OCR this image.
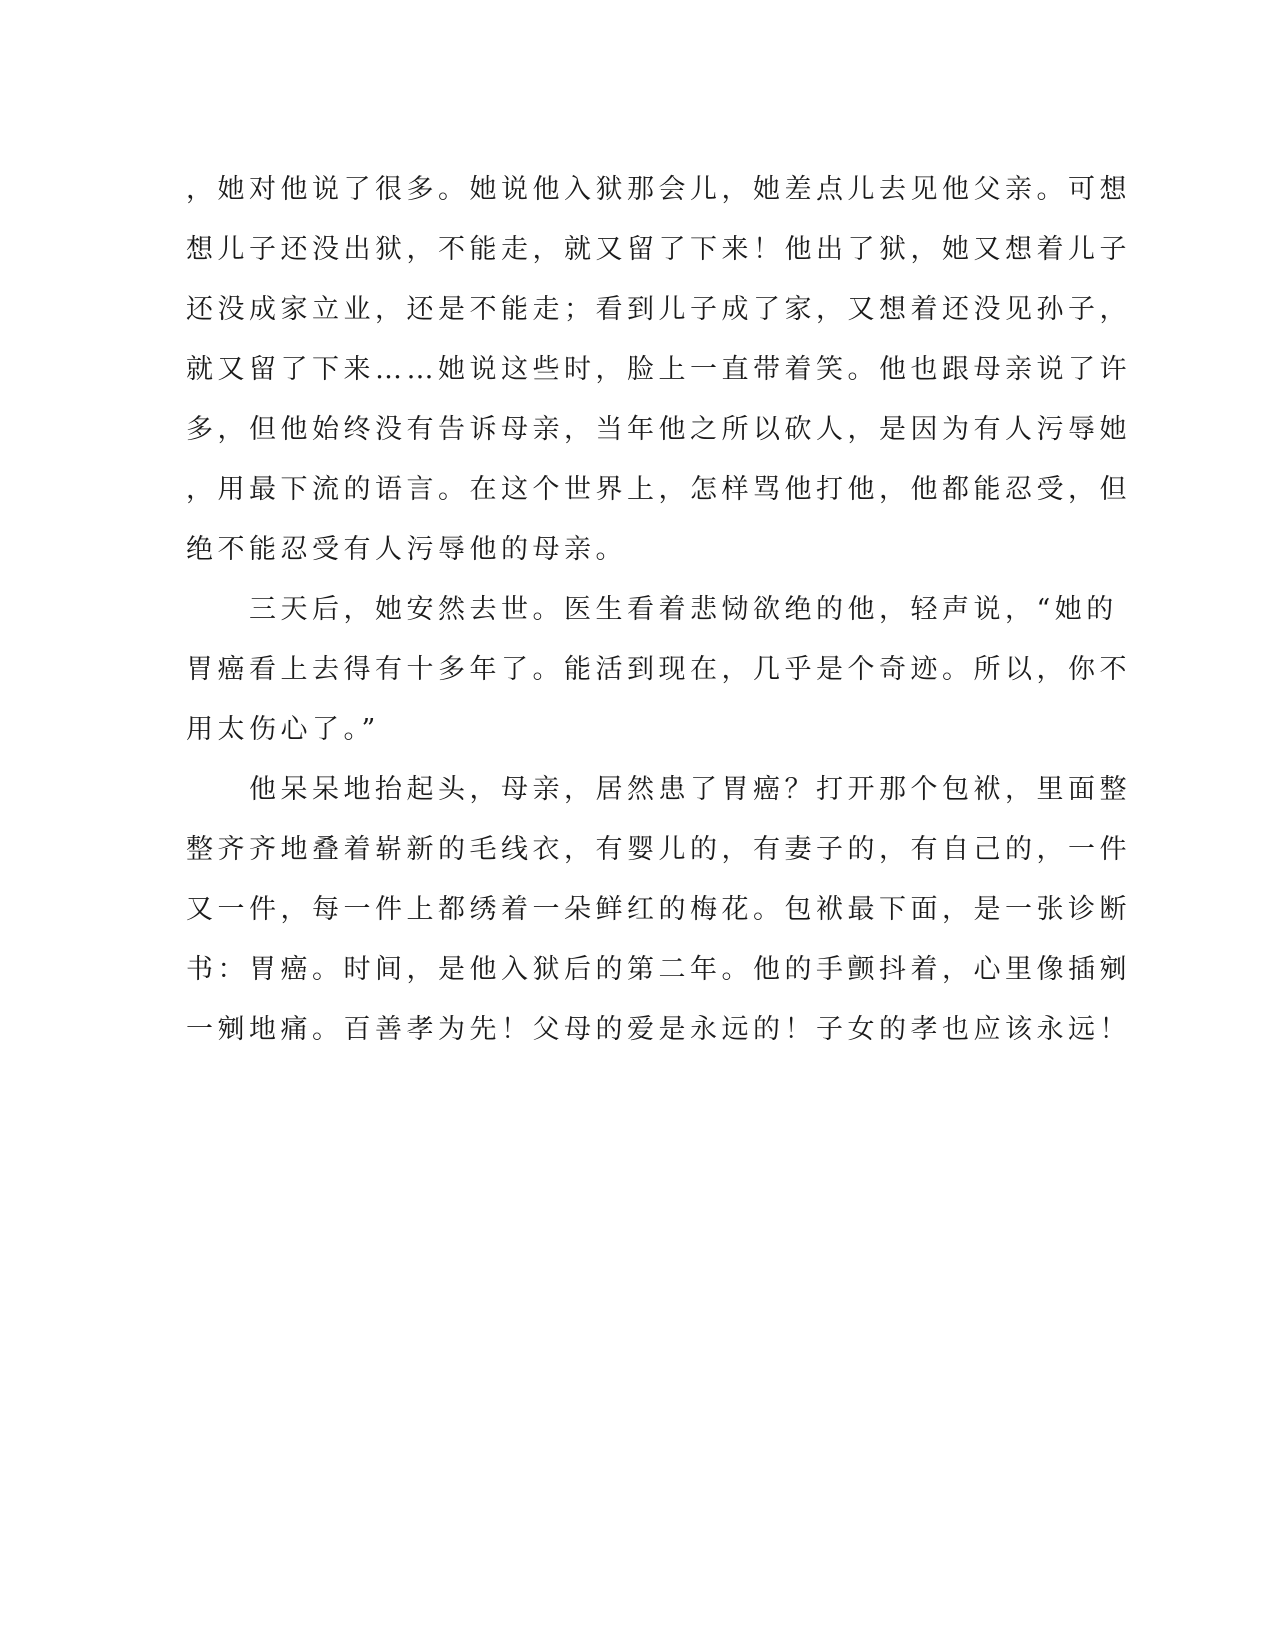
，她对他说了很多。她说他入狱那会儿，她差点儿去见他父亲。可想
想儿子还没出狱，不能走，就又留了下来！他出了狱，她又想着儿子
还没成家立业，还是不能走；看到儿子成了家，又想着还没见孙子，
就又留了下来……她说这些时，脸上一直带着笑。他也跟母亲说了许
多，但他始终没有告诉母亲，当年他之所以砍人，是因为有人污辱她
，用最下流的语言。在这个世界上，怎样骂他打他，他都能忍受，但
绝不能忍受有人污辱他的母亲。
　　三天后，她安然去世。医生看着悲恸欲绝的他，轻声说，“她的
胃癌看上去得有十多年了。能活到现在，几乎是个奇迹。所以，你不
用太伤心了。”
　　他呆呆地抬起头，母亲，居然患了胃癌？打开那个包袱，里面整
整齐齐地叠着崭新的毛线衣，有婴儿的，有妻子的，有自己的，一件
又一件，每一件上都绣着一朵鲜红的梅花。包袱最下面，是一张诊断
书：胃癌。时间，是他入狱后的第二年。他的手颤抖着，心里像插剜
一剜地痛。百善孝为先！父母的爱是永远的！子女的孝也应该永远！
